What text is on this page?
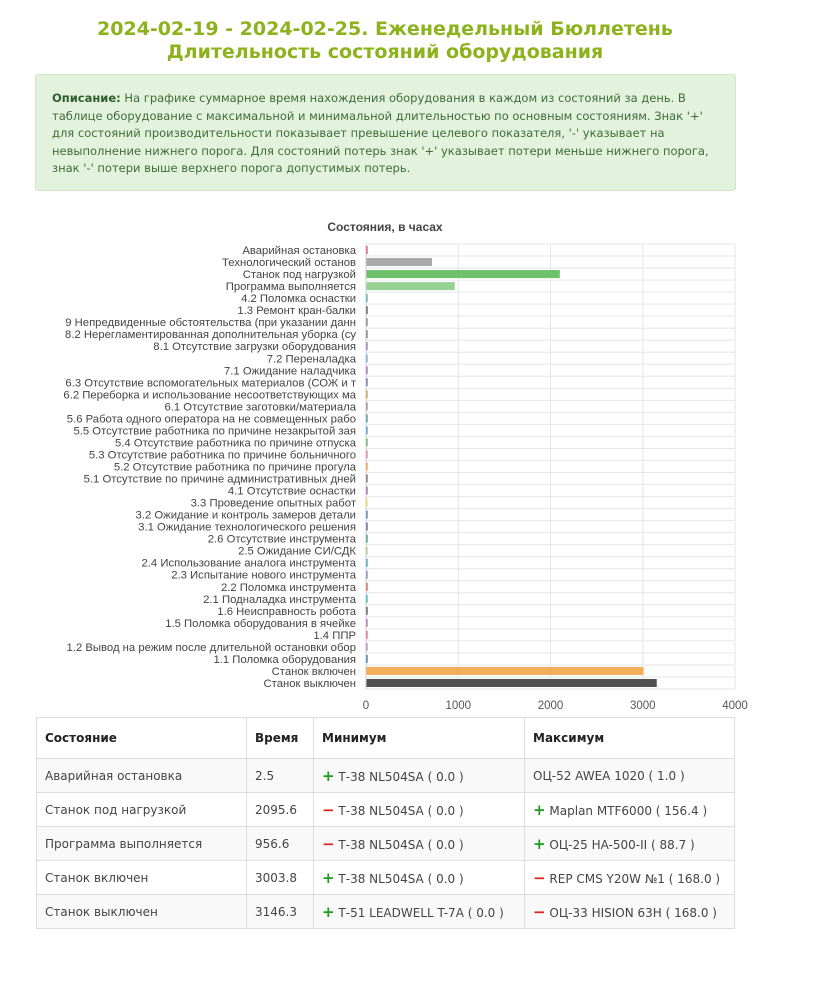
2024-02-19 - 2024-02-25. Еженедельный Бюллетень
Длительность состояний оборудования
Описание: На графике суммарное время нахождения оборудования в каждом из состояний за день. В таблице оборудование с максимальной и минимальной длительностью по основным состояниям. Знак '+' для состояний производительности показывает превышение целевого показателя, '-' указывает на невыполнение нижнего порога. Для состояний потерь знак '+' указывает потери меньше нижнего порога, знак '-' потери выше верхнего порога допустимых потерь.
Состояния, в часах
Аварийная остановка
Технологический останов
Станок под нагрузкой
Программа выполняется
4.2 Поломка оснастки
1.3 Ремонт кран-балки
9 Непредвиденные обстоятельства (при указании данн
8.2 Нерегламентированная дополнительная уборка (су
8.1 Отсутствие загрузки оборудования
7.2 Переналадка
7.1 Ожидание наладчика
6.3 Отсутствие вспомогательных материалов (СОЖ и т
6.2 Переборка и использование несоответствующих ма
6.1 Отсутствие заготовки/материала
5.6 Работа одного оператора на не совмещенных рабо
5.5 Отсутствие работника по причине незакрытой зая
5.4 Отсутствие работника по причине отпуска
5.3 Отсутствие работника по причине больничного
5.2 Отсутствие работника по причине прогула
5.1 Отсутствие по причине административных дней
4.1 Отсутствие оснастки
3.3 Проведение опытных работ
3.2 Ожидание и контроль замеров детали
3.1 Ожидание технологического решения
2.6 Отсутствие инструмента
2.5 Ожидание СИ/СДК
2.4 Использование аналога инструмента
2.3 Испытание нового инструмента
2.2 Поломка инструмента
2.1 Подналадка инструмента
1.6 Неисправность робота
1.5 Поломка оборудования в ячейке
1.4 ППР
1.2 Вывод на режим после длительной остановки обор
1.1 Поломка оборудования
Станок включен
Станок выключен
0	1000	2000	3000	4000
Состояние	Время	Минимум	Максимум
Аварийная остановка	2.5	+ Т-38 NL504SA ( 0.0 )	ОЦ-52 AWEA 1020 ( 1.0 )
Станок под нагрузкой	2095.6	− Т-38 NL504SA ( 0.0 )	+ Maplan MTF6000 ( 156.4 )
Программа выполняется	956.6	− Т-38 NL504SA ( 0.0 )	+ ОЦ-25 HA-500-II ( 88.7 )
Станок включен	3003.8	+ Т-38 NL504SA ( 0.0 )	− REP CMS Y20W №1 ( 168.0 )
Станок выключен	3146.3	+ Т-51 LEADWELL T-7A ( 0.0 )	− ОЦ-33 HISION 63H ( 168.0 )
